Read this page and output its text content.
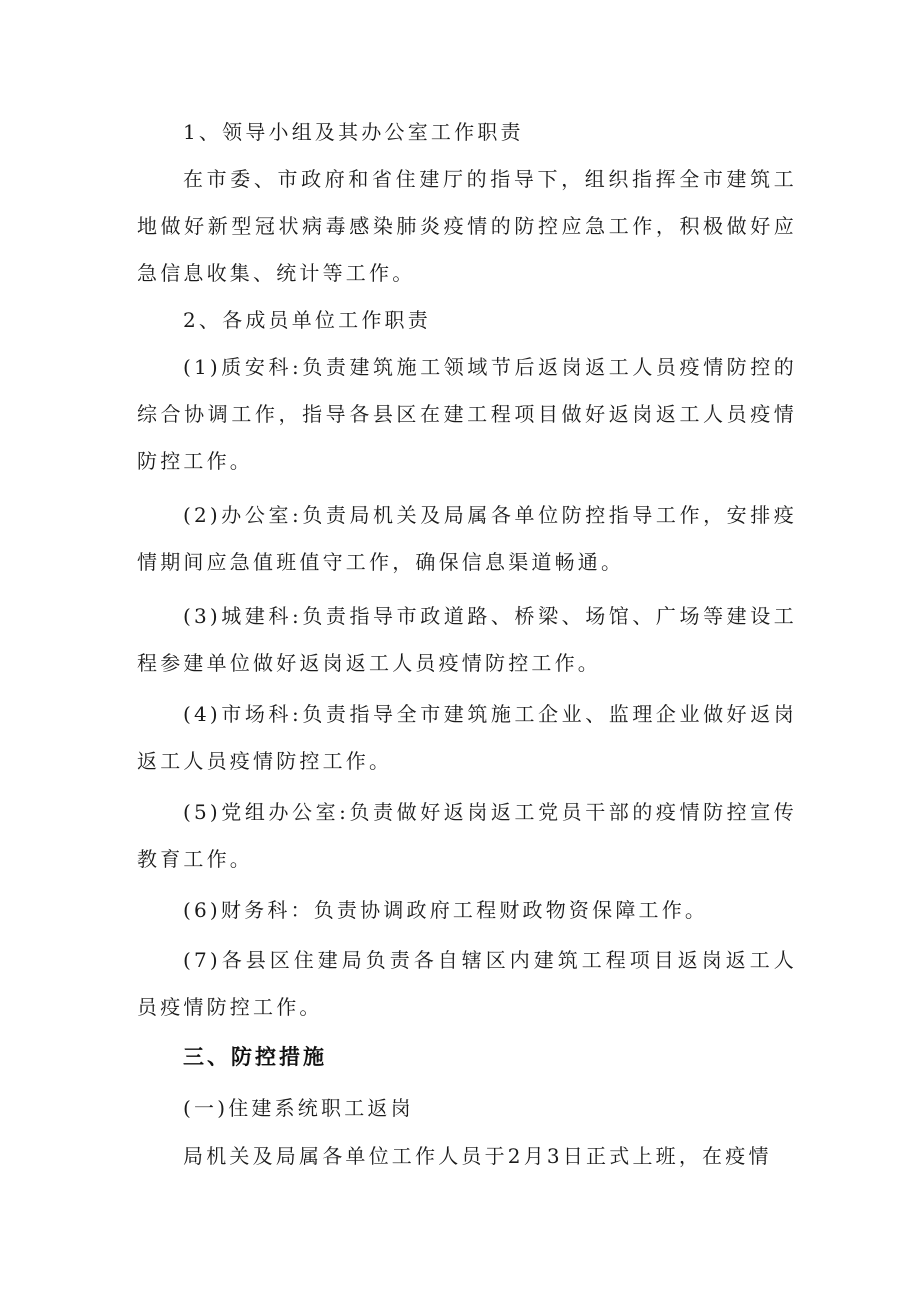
1、领导小组及其办公室工作职责

在市委、市政府和省住建厅的指导下，组织指挥全市建筑工地做好新型冠状病毒感染肺炎疫情的防控应急工作，积极做好应急信息收集、统计等工作。

2、各成员单位工作职责

(1)质安科:负责建筑施工领域节后返岗返工人员疫情防控的综合协调工作，指导各县区在建工程项目做好返岗返工人员疫情防控工作。

(2)办公室:负责局机关及局属各单位防控指导工作，安排疫情期间应急值班值守工作，确保信息渠道畅通。

(3)城建科:负责指导市政道路、桥梁、场馆、广场等建设工程参建单位做好返岗返工人员疫情防控工作。

(4)市场科:负责指导全市建筑施工企业、监理企业做好返岗返工人员疫情防控工作。

(5)党组办公室:负责做好返岗返工党员干部的疫情防控宣传教育工作。

(6)财务科：负责协调政府工程财政物资保障工作。

(7)各县区住建局负责各自辖区内建筑工程项目返岗返工人员疫情防控工作。

三、防控措施

(一)住建系统职工返岗

局机关及局属各单位工作人员于2月3日正式上班，在疫情
